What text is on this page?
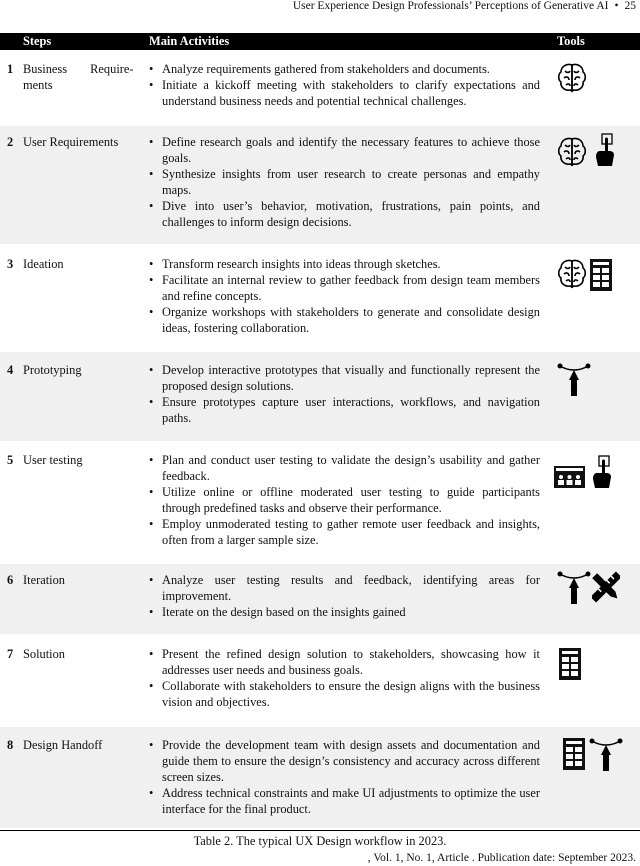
User Experience Design Professionals’ Perceptions of Generative AI • 25
Steps	Main Activities	Tools
1 Business Require-
ments
• Analyze requirements gathered from stakeholders and documents.
• Initiate a kickoff meeting with stakeholders to clarify expectations and understand business needs and potential technical challenges.
2 User Requirements	• Define research goals and identify the necessary features to achieve those goals.
• Synthesize insights from user research to create personas and empathy maps.
• Dive into user’s behavior, motivation, frustrations, pain points, and challenges to inform design decisions.
3 Ideation	• Transform research insights into ideas through sketches.
• Facilitate an internal review to gather feedback from design team members and refine concepts.
• Organize workshops with stakeholders to generate and consolidate design ideas, fostering collaboration.
4 Prototyping	• Develop interactive prototypes that visually and functionally represent the proposed design solutions.
• Ensure prototypes capture user interactions, workflows, and navigation paths.
5 User testing	• Plan and conduct user testing to validate the design’s usability and gather feedback.
• Utilize online or offline moderated user testing to guide participants through predefined tasks and observe their performance.
• Employ unmoderated testing to gather remote user feedback and insights, often from a larger sample size.
6 Iteration	• Analyze user testing results and feedback, identifying areas for improvement.
• Iterate on the design based on the insights gained
7 Solution	• Present the refined design solution to stakeholders, showcasing how it addresses user needs and business goals.
• Collaborate with stakeholders to ensure the design aligns with the business vision and objectives.
8 Design Handoff	• Provide the development team with design assets and documentation and guide them to ensure the design’s consistency and accuracy across different screen sizes.
• Address technical constraints and make UI adjustments to optimize the user interface for the final product.
Table 2. The typical UX Design workflow in 2023.
, Vol. 1, No. 1, Article . Publication date: September 2023.
